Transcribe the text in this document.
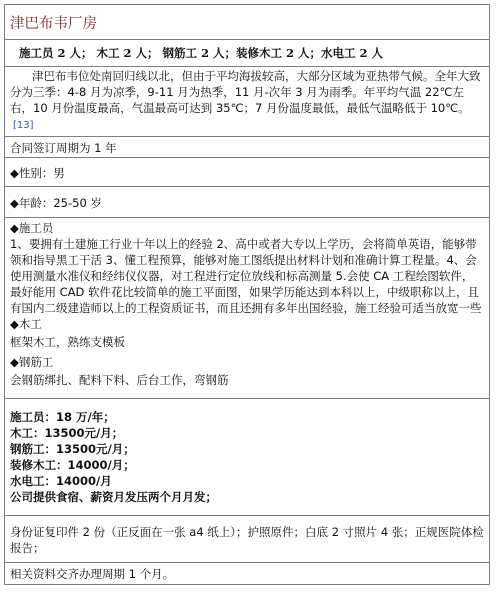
津巴布韦厂房

施工员 2 人； 木工 2 人； 钢筋工 2 人；装修木工 2 人；水电工 2 人
津巴布韦位处南回归线以北，但由于平均海拔较高，大部分区域为亚热带气候。全年大致分为三季：4-8 月为凉季，9-11 月为热季，11 月-次年 3 月为雨季。年平均气温 22℃左右，10 月份温度最高，气温最高可达到 35℃；7 月份温度最低，最低气温略低于 10℃。[13]
合同签订周期为 1 年
◆性别：男
◆年龄：25-50 岁

◆施工员
1、要拥有土建施工行业十年以上的经验 2、高中或者大专以上学历，会将简单英语，能够带领和指导黑工干活 3、懂工程预算，能够对施工图纸提出材料计划和准确计算工程量。4、会使用测量水准仪和经纬仪仪器，对工程进行定位放线和标高测量 5.会使 CA 工程绘图软件，最好能用 CAD 软件花比较简单的施工平面图，如果学历能达到本科以上，中级职称以上，且有国内二级建造师以上的工程资质证书，而且还拥有多年出国经验，施工经验可适当放宽一些
◆木工
框架木工，熟练支模板
◆钢筋工
会钢筋绑扎、配料下料、后台工作，弯钢筋

施工员：18 万/年；
木工：13500元/月；
钢筋工：13500元/月；
装修木工：14000/月；
水电工：14000/月
公司提供食宿、薪资月发压两个月月发；

身份证复印件 2 份（正反面在一张 a4 纸上）；护照原件；白底 2 寸照片 4 张；正规医院体检报告；
相关资料交齐办理周期 1 个月。
